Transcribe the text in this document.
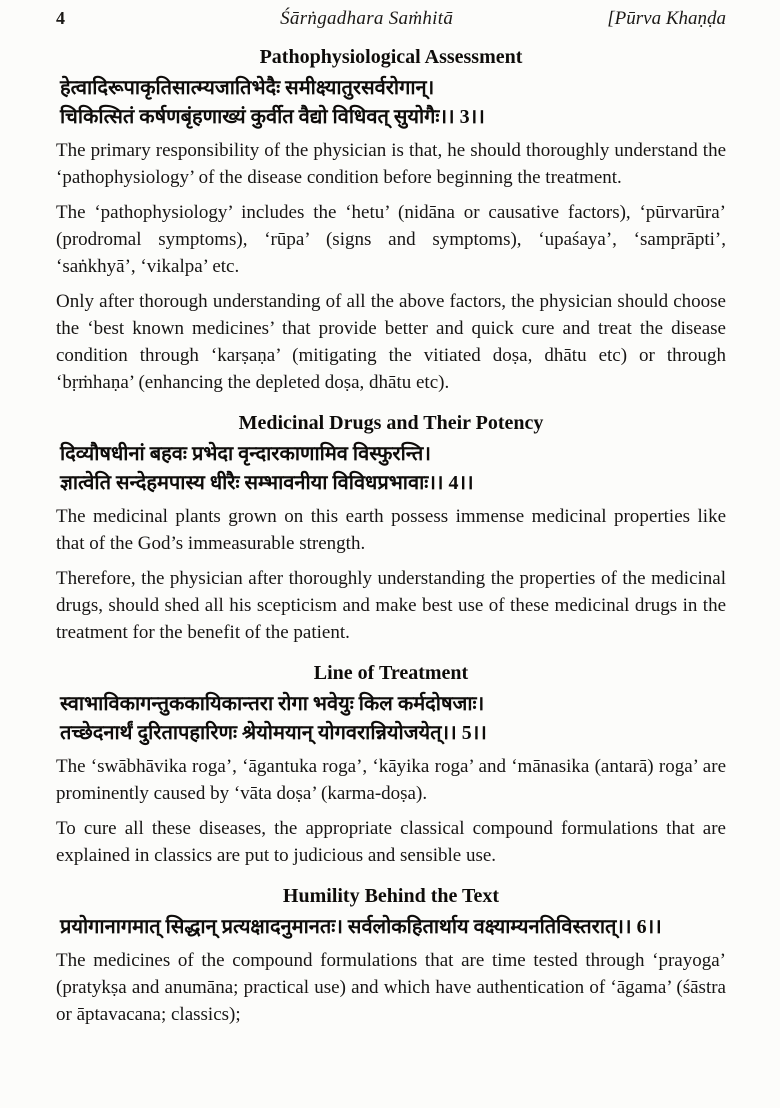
4	Śārṅgadhara Saṁhitā	[Pūrva Khaṇḍa
Pathophysiological Assessment
हेत्वादिरूपाकृतिसात्म्यजातिभेदैः समीक्ष्यातुरसर्वरोगान्।
चिकित्सितं कर्षणबृंहणाख्यं कुर्वीत वैद्यो विधिवत् सुयोगैः।। 3।।

The primary responsibility of the physician is that, he should thoroughly understand the ‘pathophysiology’ of the disease condition before beginning the treatment.

The ‘pathophysiology’ includes the ‘hetu’ (nidāna or causative factors), ‘pūrvarūra’ (prodromal symptoms), ‘rūpa’ (signs and symptoms), ‘upaśaya’, ‘samprāpti’, ‘saṅkhyā’, ‘vikalpa’ etc.

Only after thorough understanding of all the above factors, the physician should choose the ‘best known medicines’ that provide better and quick cure and treat the disease condition through ‘karṣaṇa’ (mitigating the vitiated doṣa, dhātu etc) or through ‘bṛṁhaṇa’ (enhancing the depleted doṣa, dhātu etc).

Medicinal Drugs and Their Potency
दिव्यौषधीनां बहवः प्रभेदा वृन्दारकाणामिव विस्फुरन्ति।
ज्ञात्वेति सन्देहमपास्य धीरैः सम्भावनीया विविधप्रभावाः।। 4।।

The medicinal plants grown on this earth possess immense medicinal properties like that of the God’s immeasurable strength.

Therefore, the physician after thoroughly understanding the properties of the medicinal drugs, should shed all his scepticism and make best use of these medicinal drugs in the treatment for the benefit of the patient.

Line of Treatment
स्वाभाविकागन्तुककायिकान्तरा रोगा भवेयुः किल कर्मदोषजाः।
तच्छेदनार्थं दुरितापहारिणः श्रेयोमयान् योगवरान्नियोजयेत्।। 5।।

The ‘swābhāvika roga’, ‘āgantuka roga’, ‘kāyika roga’ and ‘mānasika (antarā) roga’ are prominently caused by ‘vāta doṣa’ (karma-doṣa).

To cure all these diseases, the appropriate classical compound formulations that are explained in classics are put to judicious and sensible use.

Humility Behind the Text
प्रयोगानागमात् सिद्धान् प्रत्यक्षादनुमानतः। सर्वलोकहितार्थाय वक्ष्याम्यनतिविस्तरात्।। 6।।

The medicines of the compound formulations that are time tested through ‘prayoga’ (pratykṣa and anumāna; practical use) and which have authentication of ‘āgama’ (śāstra or āptavacana; classics);
